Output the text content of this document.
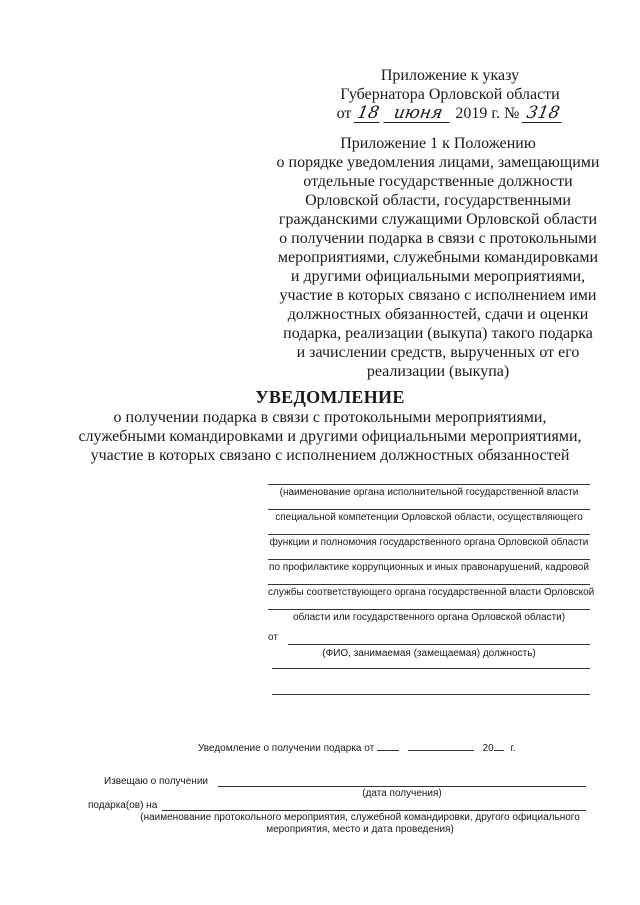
Приложение к указу
Губернатора Орловской области
от 18 июня 2019 г. № 318
Приложение 1 к Положению
о порядке уведомления лицами, замещающими
отдельные государственные должности
Орловской области, государственными
гражданскими служащими Орловской области
о получении подарка в связи с протокольными
мероприятиями, служебными командировками
и другими официальными мероприятиями,
участие в которых связано с исполнением ими
должностных обязанностей, сдачи и оценки
подарка, реализации (выкупа) такого подарка
и зачислении средств, вырученных от его
реализации (выкупа)
УВЕДОМЛЕНИЕ
о получении подарка в связи с протокольными мероприятиями,
служебными командировками и другими официальными мероприятиями,
участие в которых связано с исполнением должностных обязанностей
(наименование органа исполнительной государственной власти
специальной компетенции Орловской области, осуществляющего
функции и полномочия государственного органа Орловской области
по профилактике коррупционных и иных правонарушений, кадровой
службы соответствующего органа государственной власти Орловской
области или государственного органа Орловской области)
от
(ФИО, занимаемая (замещаемая) должность)
Уведомление о получении подарка от	20 г.
Извещаю о получении
(дата получения)
подарка(ов) на
(наименование протокольного мероприятия, служебной командировки, другого официального
мероприятия, место и дата проведения)
